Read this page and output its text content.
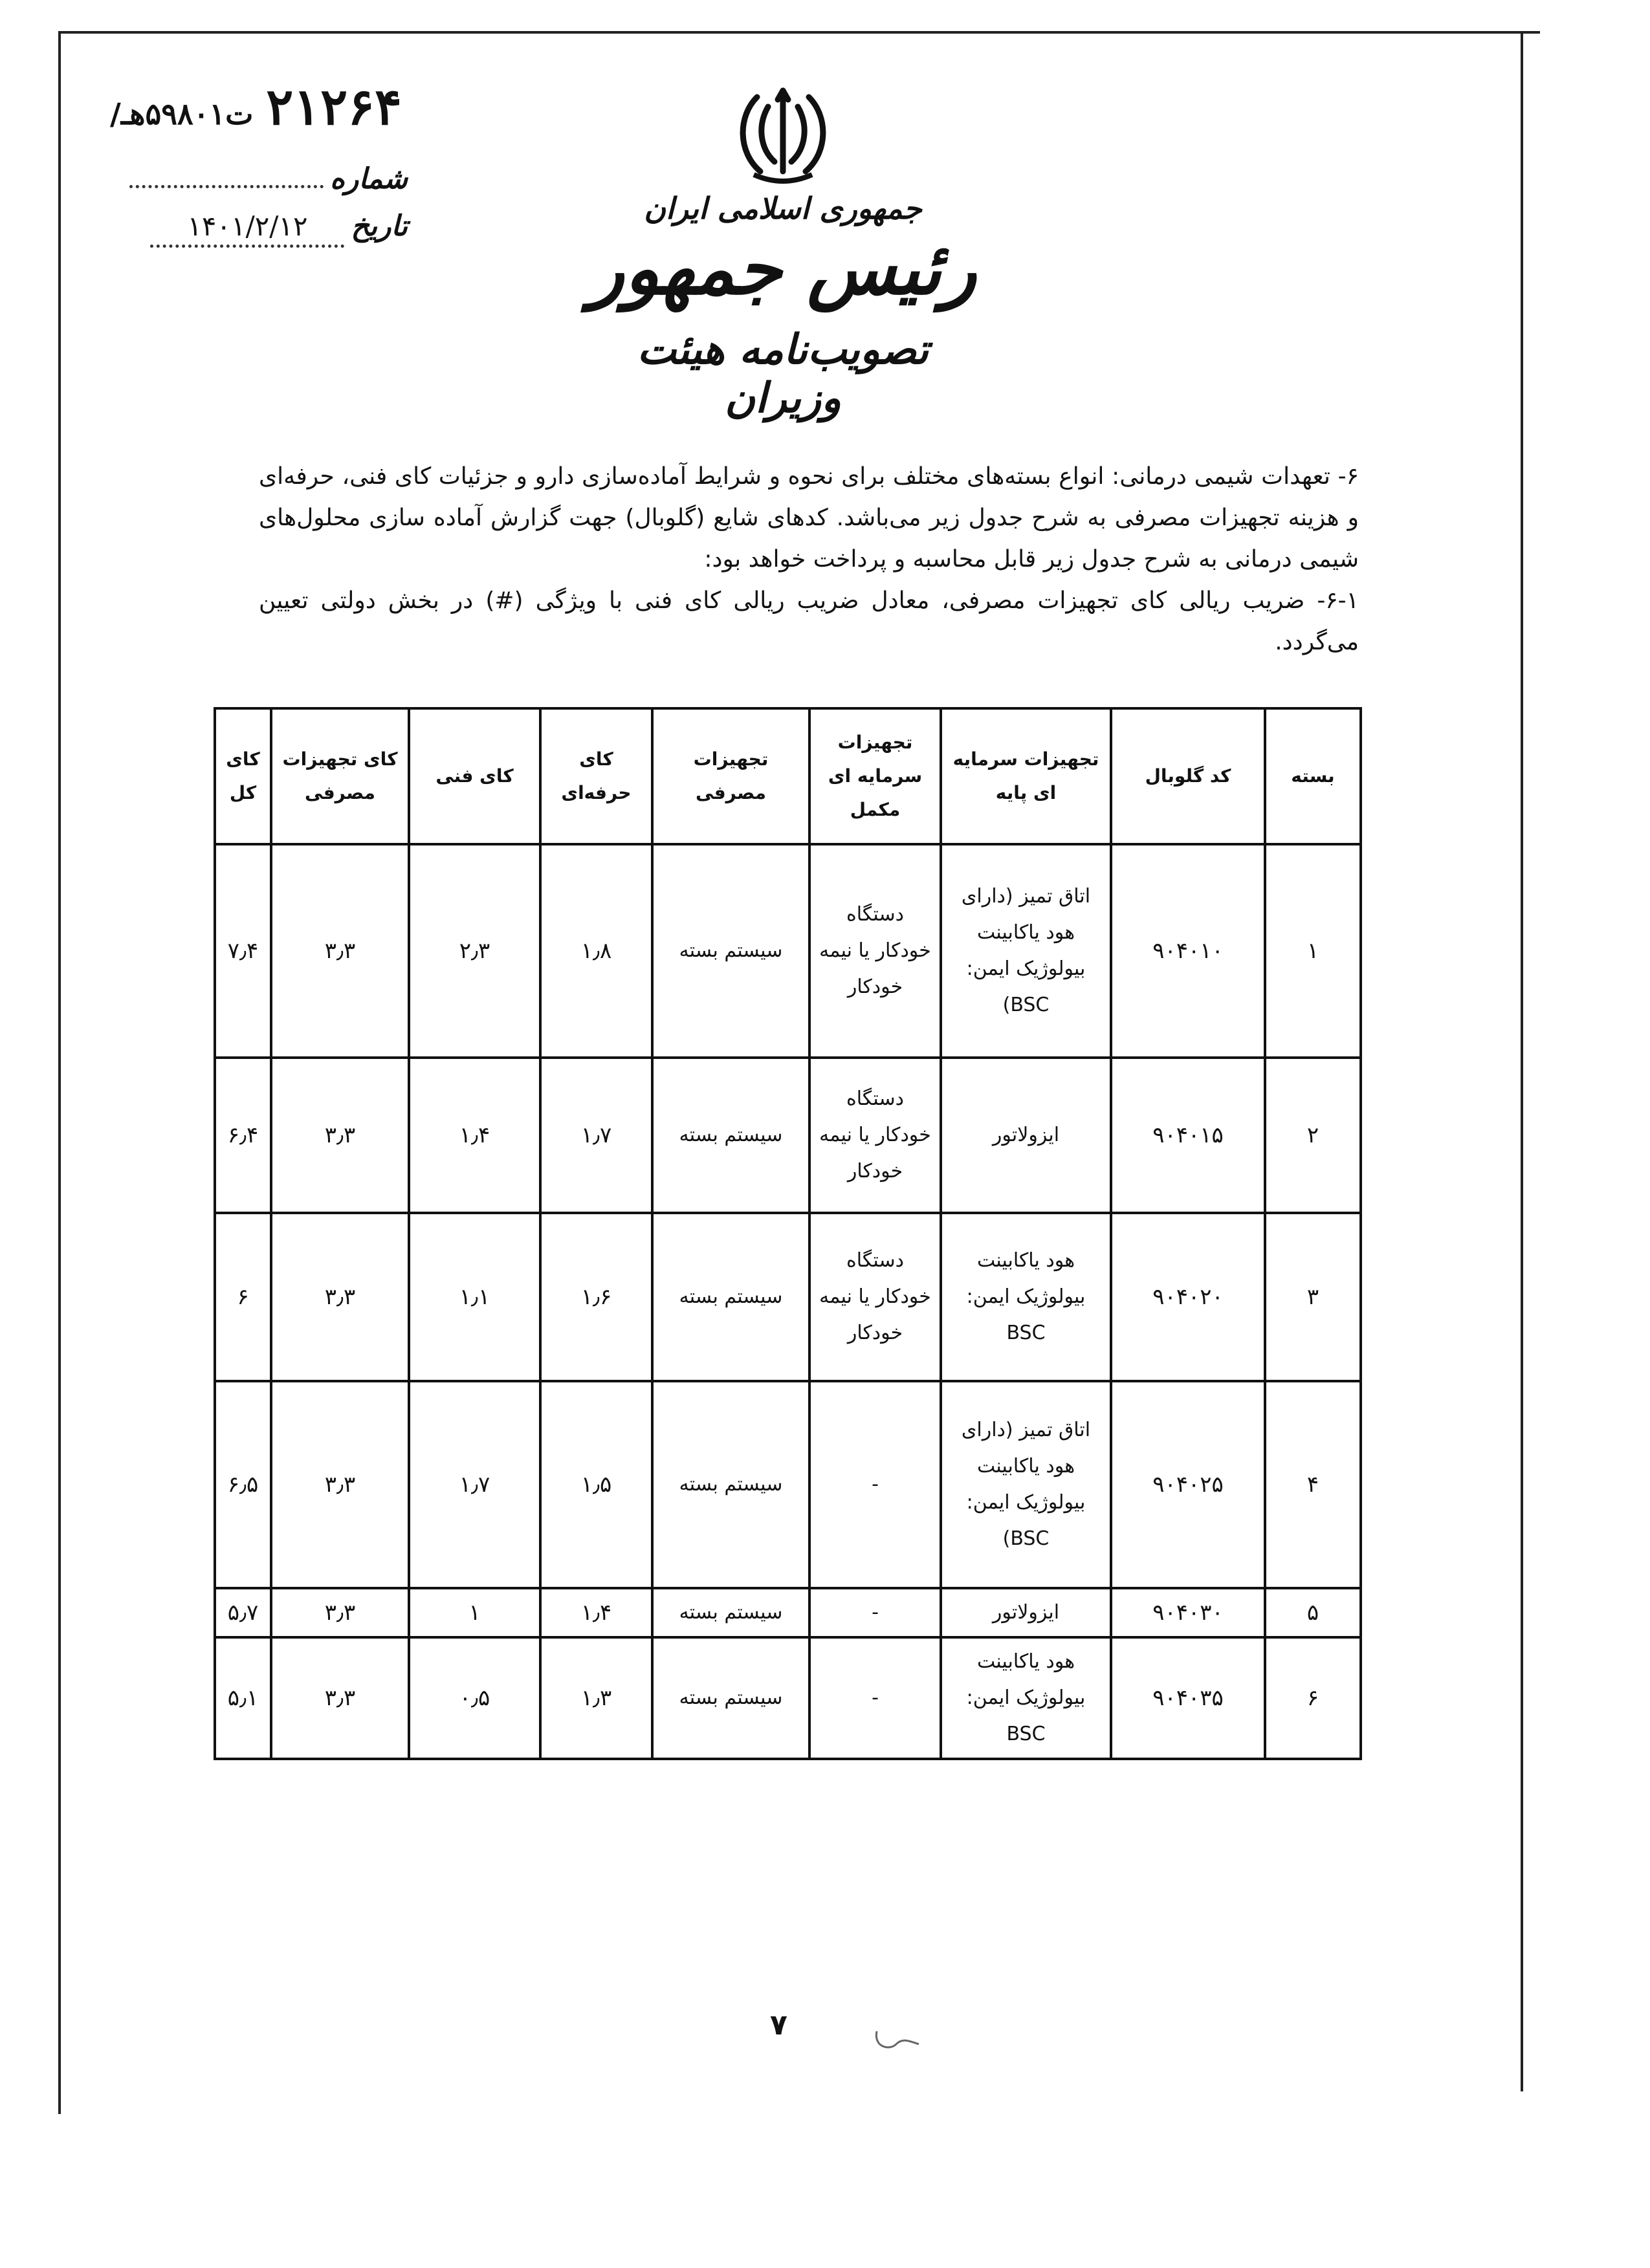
/ت۵۹۸۰۱هـ ۲۱۲۶۴
شماره
تاریخ
۱۴۰۱/۲/۱۲
جمهوری اسلامی ایران
رئیس جمهور
تصویب‌نامه هیئت وزیران

۶- تعهدات شیمی درمانی: انواع بسته‌های مختلف برای نحوه و شرایط آماده‌سازی دارو و جزئیات کای فنی، حرفه‌ای و هزینه تجهیزات مصرفی به شرح جدول زیر می‌باشد. کدهای شایع (گلوبال) جهت گزارش آماده سازی محلول‌های شیمی درمانی به شرح جدول زیر قابل محاسبه و پرداخت خواهد بود:

۶-۱- ضریب ریالی کای تجهیزات مصرفی، معادل ضریب ریالی کای فنی با ویژگی (#) در بخش دولتی تعیین می‌گردد.

بسته	کد گلوبال	تجهیزات سرمایه ای پایه	تجهیزات سرمایه ای مکمل	تجهیزات مصرفی	کای حرفه‌ای	کای فنی	کای تجهیزات مصرفی	کای کل
۱	۹۰۴۰۱۰	اتاق تمیز (دارای هود یاکابینت بیولوژیک ایمن: BSC)	دستگاه خودکار یا نیمه خودکار	سیستم بسته	۱٫۸	۲٫۳	۳٫۳	۷٫۴
۲	۹۰۴۰۱۵	ایزولاتور	دستگاه خودکار یا نیمه خودکار	سیستم بسته	۱٫۷	۱٫۴	۳٫۳	۶٫۴
۳	۹۰۴۰۲۰	هود یاکابینت بیولوژیک ایمن: BSC	دستگاه خودکار یا نیمه خودکار	سیستم بسته	۱٫۶	۱٫۱	۳٫۳	۶
۴	۹۰۴۰۲۵	اتاق تمیز (دارای هود یاکابینت بیولوژیک ایمن: BSC)	-	سیستم بسته	۱٫۵	۱٫۷	۳٫۳	۶٫۵
۵	۹۰۴۰۳۰	ایزولاتور	-	سیستم بسته	۱٫۴	۱	۳٫۳	۵٫۷
۶	۹۰۴۰۳۵	هود یاکابینت بیولوژیک ایمن: BSC	-	سیستم بسته	۱٫۳	۰٫۵	۳٫۳	۵٫۱
۷
